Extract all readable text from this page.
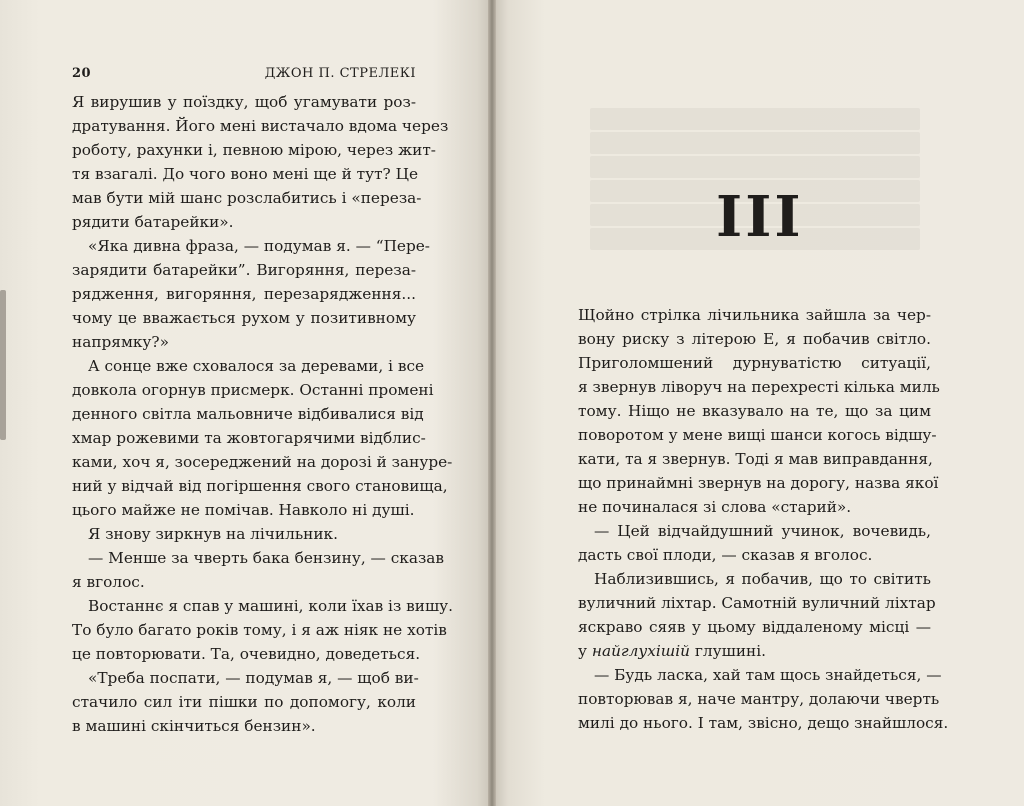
20	ДЖОН П. СТРЕЛЕКІ
Я вирушив у поїздку, щоб угамувати роз-
дратування. Його мені вистачало вдома через
роботу, рахунки і, певною мірою, через жит-
тя взагалі. До чого воно мені ще й тут? Це
мав бути мій шанс розслабитись і «переза-
рядити батарейки».
«Яка дивна фраза, — подумав я. — “Пере-
зарядити батарейки”. Вигоряння, переза-
рядження, вигоряння, перезарядження...
чому це вважається рухом у позитивному
напрямку?»
А сонце вже сховалося за деревами, і все
довкола огорнув присмерк. Останні промені
денного світла мальовниче відбивалися від
хмар рожевими та жовтогарячими відблис-
ками, хоч я, зосереджений на дорозі й зануре-
ний у відчай від погіршення свого становища,
цього майже не помічав. Навколо ні душі.
Я знову зиркнув на лічильник.
— Менше за чверть бака бензину, — сказав
я вголос.
Востаннє я спав у машині, коли їхав із вишу.
То було багато років тому, і я аж ніяк не хотів
це повторювати. Та, очевидно, доведеться.
«Треба поспати, — подумав я, — щоб ви-
стачило сил іти пішки по допомогу, коли
в машині скінчиться бензин».
III
Щойно стрілка лічильника зайшла за чер-
вону риску з літерою Е, я побачив світло.
Приголомшений дурнуватістю ситуації,
я звернув ліворуч на перехресті кілька миль
тому. Ніщо не вказувало на те, що за цим
поворотом у мене вищі шанси когось відшу-
кати, та я звернув. Тоді я мав виправдання,
що принаймні звернув на дорогу, назва якої
не починалася зі слова «старий».
— Цей відчайдушний учинок, вочевидь,
дасть свої плоди, — сказав я вголос.
Наблизившись, я побачив, що то світить
вуличний ліхтар. Самотній вуличний ліхтар
яскраво сяяв у цьому віддаленому місці —
у найглухішій глушині.
— Будь ласка, хай там щось знайдеться, —
повторював я, наче мантру, долаючи чверть
милі до нього. І там, звісно, дещо знайшлося.
